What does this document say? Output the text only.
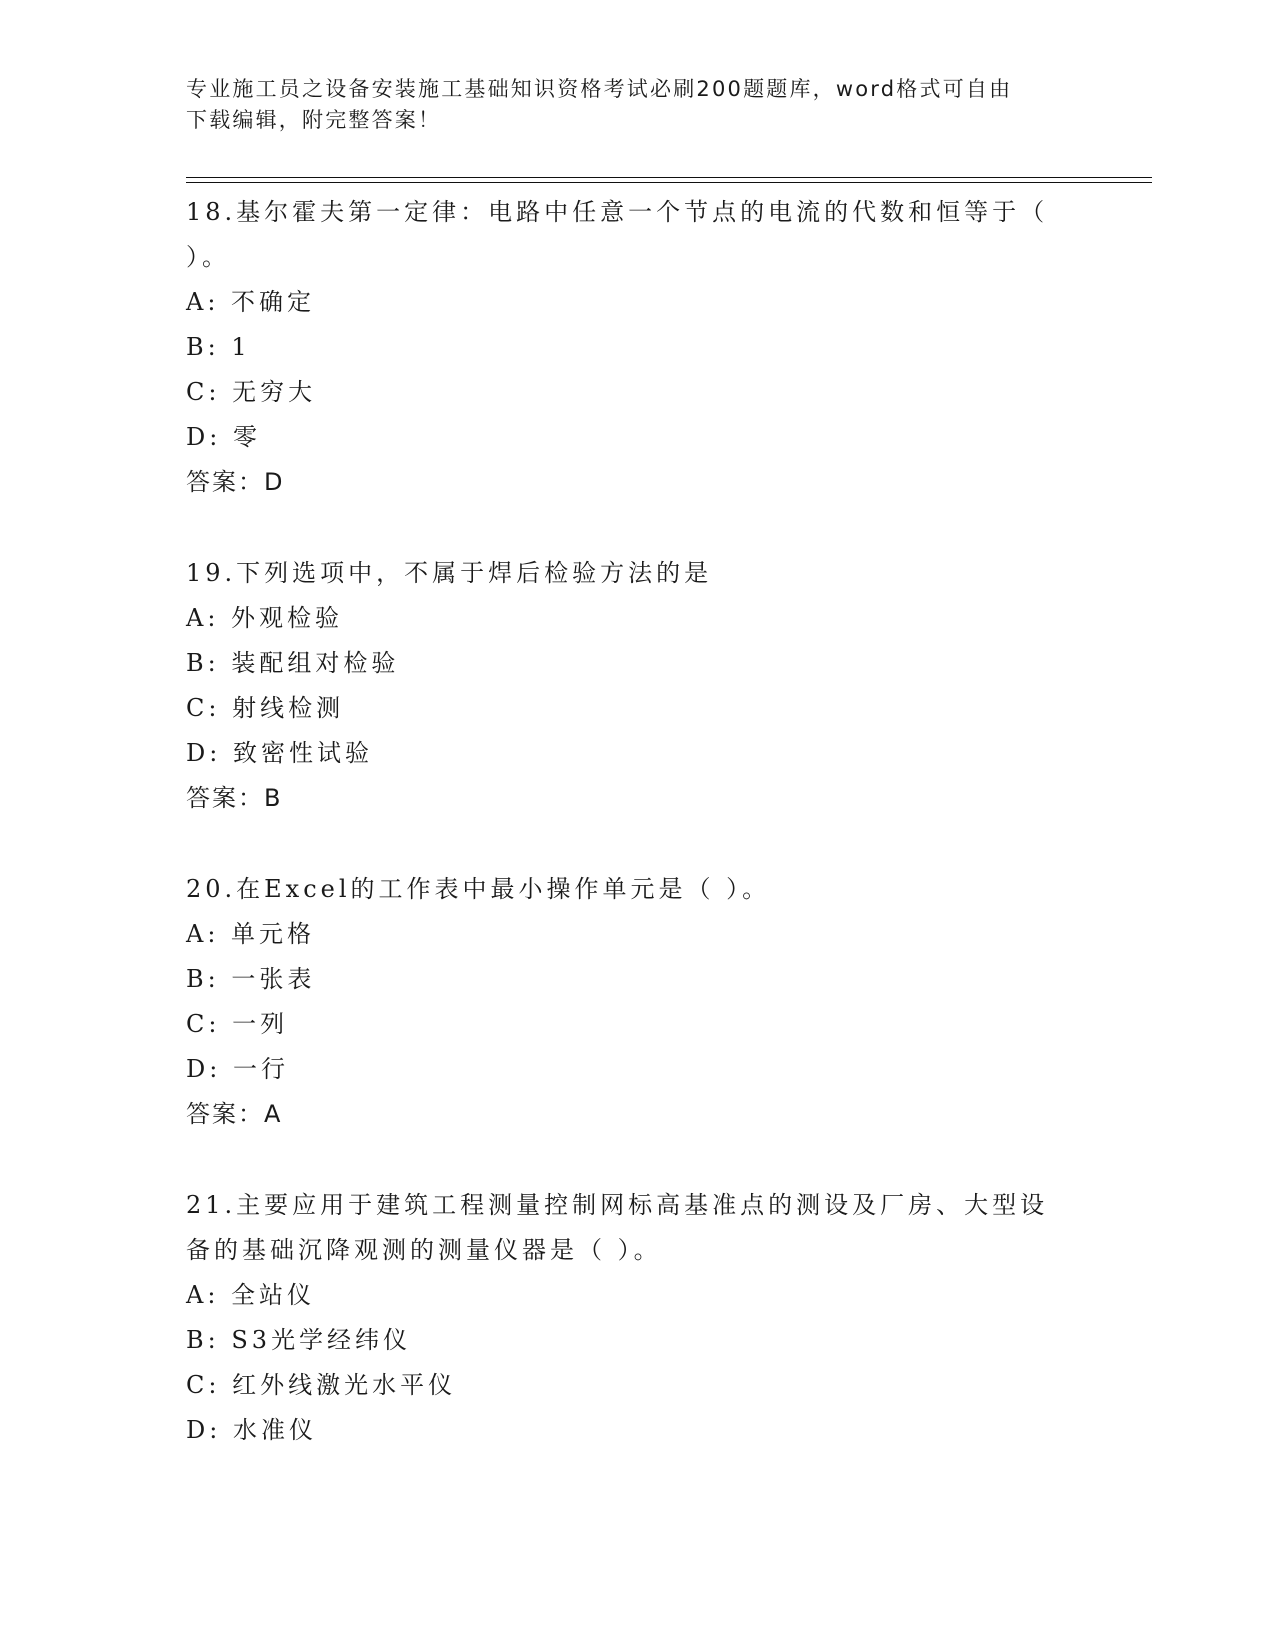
专业施工员之设备安装施工基础知识资格考试必刷200题题库，word格式可自由
下载编辑，附完整答案！
18.基尔霍夫第一定律：电路中任意一个节点的电流的代数和恒等于（
）。
A: 不确定
B: 1
C: 无穷大
D: 零
答案：D
19.下列选项中，不属于焊后检验方法的是
A: 外观检验
B: 装配组对检验
C: 射线检测
D: 致密性试验
答案：B
20.在Excel的工作表中最小操作单元是（ ）。
A: 单元格
B: 一张表
C: 一列
D: 一行
答案：A
21.主要应用于建筑工程测量控制网标高基准点的测设及厂房、大型设
备的基础沉降观测的测量仪器是（ ）。
A: 全站仪
B: S3光学经纬仪
C: 红外线激光水平仪
D: 水准仪
